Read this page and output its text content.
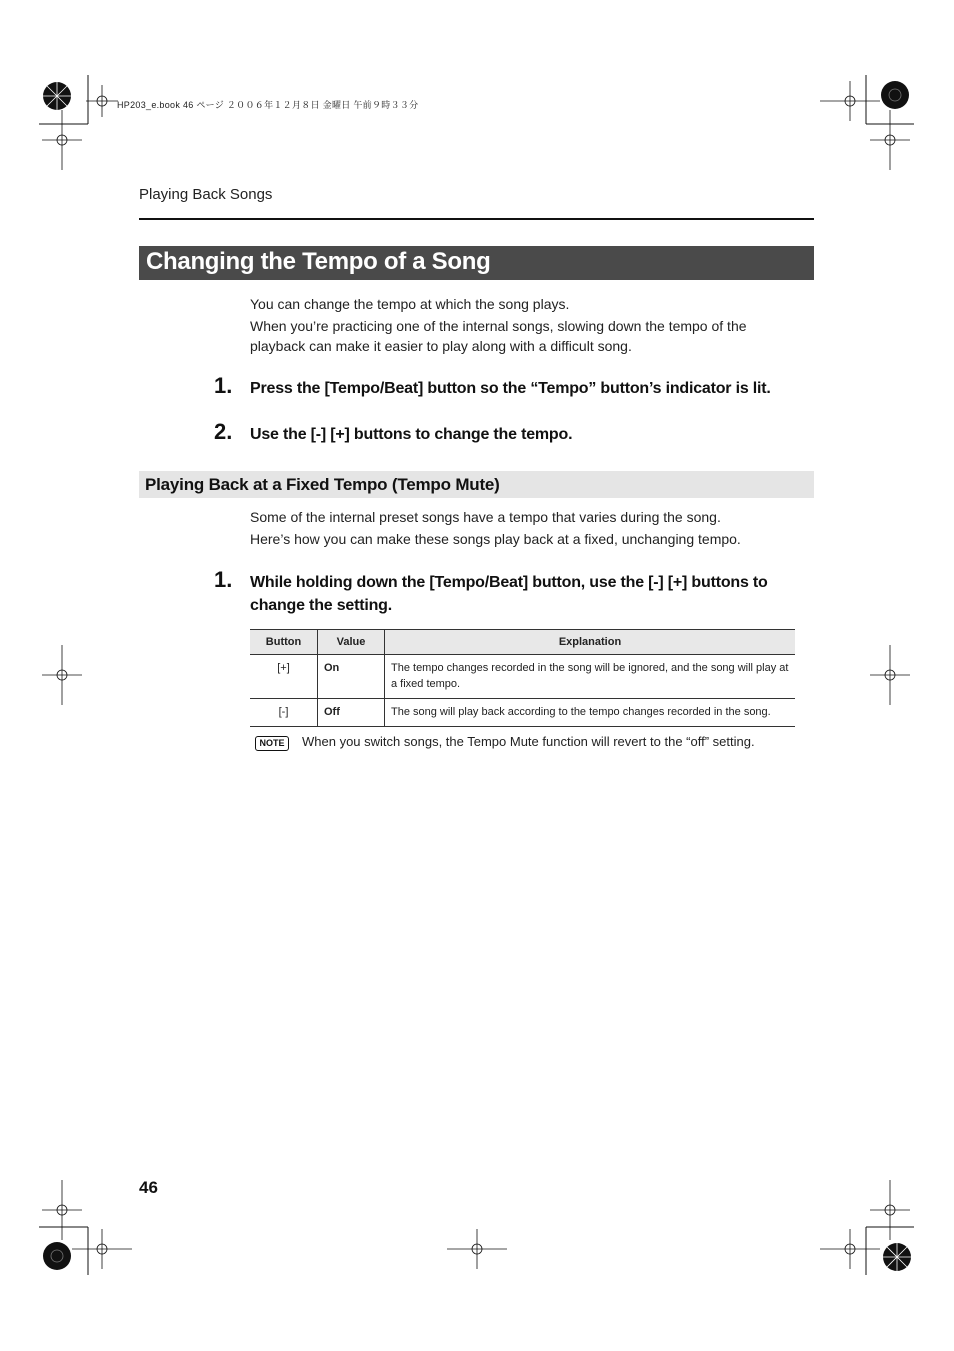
HP203_e.book 46 ページ ２００６年１２月８日 金曜日 午前９時３３分
Playing Back Songs
Changing the Tempo of a Song
You can change the tempo at which the song plays.
When you’re practicing one of the internal songs, slowing down the tempo of the
playback can make it easier to play along with a difficult song.
1. Press the [Tempo/Beat] button so the “Tempo” button’s indicator is lit.
2. Use the [-] [+] buttons to change the tempo.
Playing Back at a Fixed Tempo (Tempo Mute)
Some of the internal preset songs have a tempo that varies during the song.
Here’s how you can make these songs play back at a fixed, unchanging tempo.
1. While holding down the [Tempo/Beat] button, use the [-] [+] buttons to
change the setting.
Button	Value	Explanation
[+]	On	The tempo changes recorded in the song will be ignored, and the song will play at a fixed tempo.
[-]	Off	The song will play back according to the tempo changes recorded in the song.
NOTE	When you switch songs, the Tempo Mute function will revert to the “off” setting.
46
